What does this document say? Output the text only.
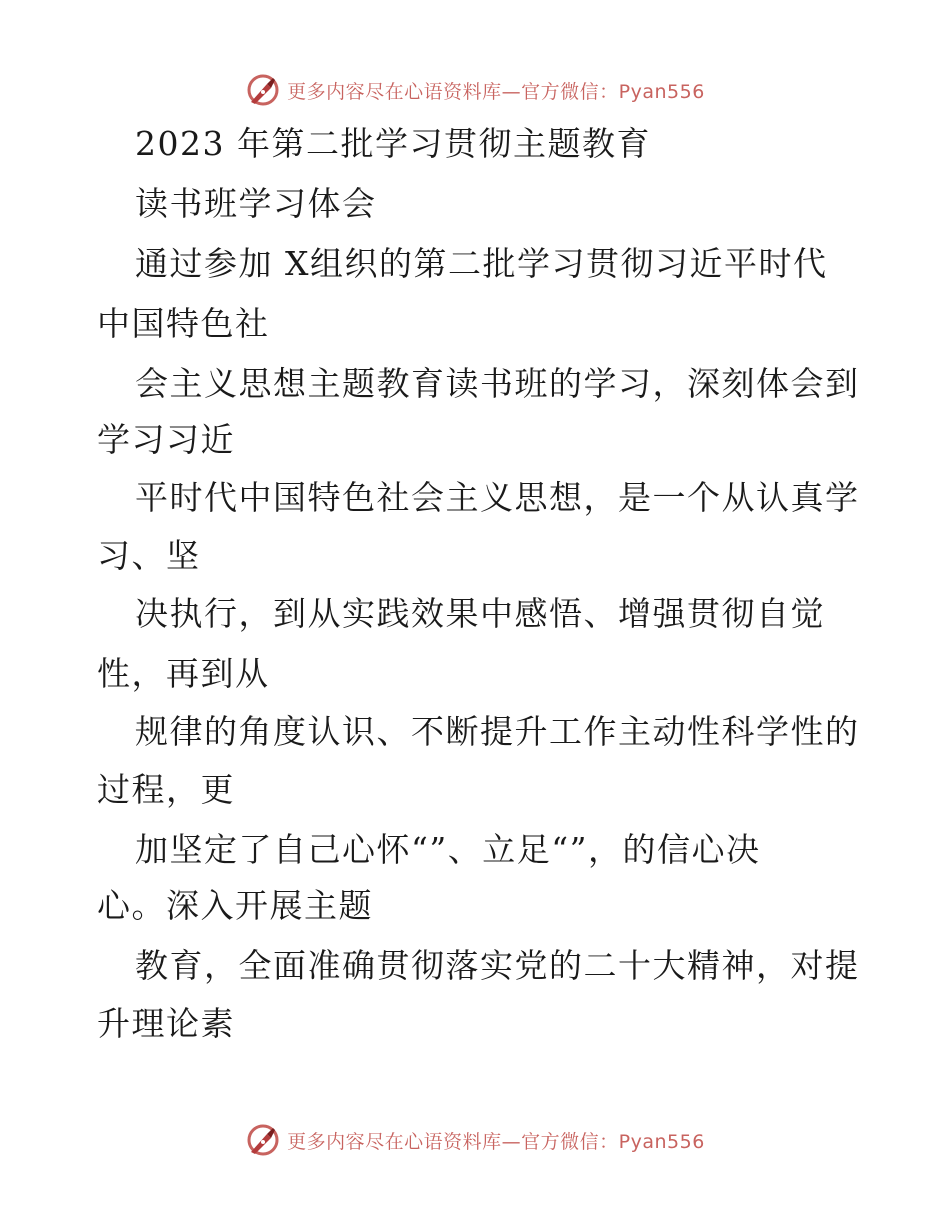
更多内容尽在心语资料库—官方微信：Pyan556
2023 年第二批学习贯彻主题教育
读书班学习体会
通过参加 X组织的第二批学习贯彻习近平时代
中国特色社
会主义思想主题教育读书班的学习，深刻体会到
学习习近
平时代中国特色社会主义思想，是一个从认真学
习、坚
决执行，到从实践效果中感悟、增强贯彻自觉
性，再到从
规律的角度认识、不断提升工作主动性科学性的
过程，更
加坚定了自己心怀“”、立足“”，的信心决
心。深入开展主题
教育，全面准确贯彻落实党的二十大精神，对提
升理论素
更多内容尽在心语资料库—官方微信：Pyan556
